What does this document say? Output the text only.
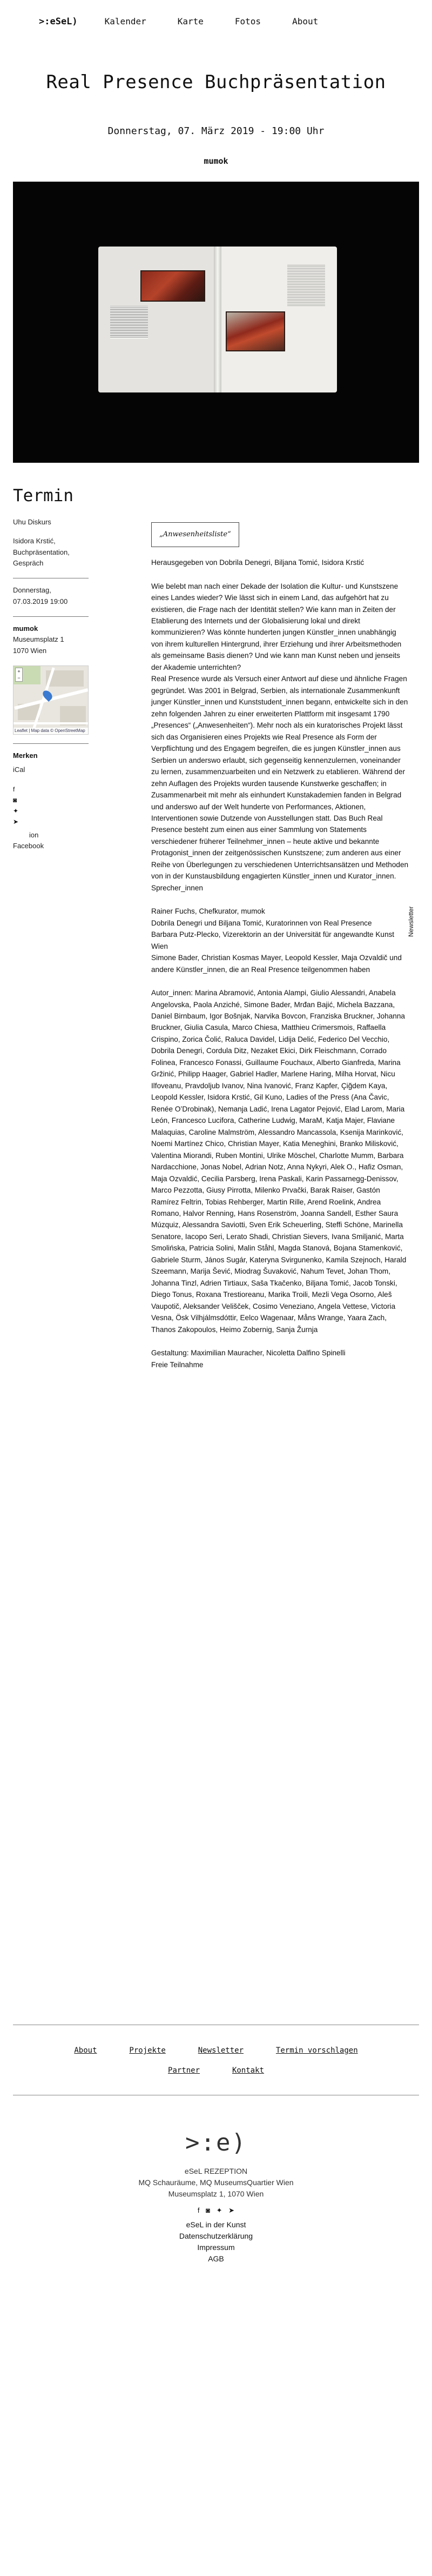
>:eSeL)	Kalender	Karte	Fotos	About
Real Presence Buchpräsentation
Donnerstag, 07. März 2019 - 19:00 Uhr
mumok
Termin
Uhu Diskurs
Isidora Krstić, Buchpräsentation, Gespräch
Donnerstag,
07.03.2019 19:00
mumok
Museumsplatz 1
1070 Wien
+
−
Leaflet | Map data © OpenStreetMap
Merken
iCal
f
◙
✦
➤
ion
Facebook
„Anwesenheitsliste“

Herausgegeben von Dobrila Denegri, Biljana Tomić, Isidora Krstić

Wie belebt man nach einer Dekade der Isolation die Kultur- und Kunstszene eines Landes wieder? Wie lässt sich in einem Land, das aufgehört hat zu existieren, die Frage nach der Identität stellen? Wie kann man in Zeiten der Etablierung des Internets und der Globalisierung lokal und direkt kommunizieren? Was könnte hunderten jungen Künstler_innen unabhängig von ihrem kulturellen Hintergrund, ihrer Erziehung und ihrer Arbeitsmethoden als gemeinsame Basis dienen? Und wie kann man Kunst neben und jenseits der Akademie unterrichten?

Real Presence wurde als Versuch einer Antwort auf diese und ähnliche Fragen gegründet. Was 2001 in Belgrad, Serbien, als internationale Zusammenkunft junger Künstler_innen und Kunststudent_innen begann, entwickelte sich in den zehn folgenden Jahren zu einer erweiterten Plattform mit insgesamt 1790 „Presences“ („Anwesenheiten“). Mehr noch als ein kuratorisches Projekt lässt sich das Organisieren eines Projekts wie Real Presence als Form der Verpflichtung und des Engagem begreifen, die es jungen Künstler_innen aus Serbien un anderswo erlaubt, sich gegenseitig kennenzulernen, voneinander zu lernen, zusammenzuarbeiten und ein Netzwerk zu etablieren. Während der zehn Auflagen des Projekts wurden tausende Kunstwerke geschaffen; in Zusammenarbeit mit mehr als einhundert Kunstakademien fanden in Belgrad und anderswo auf der Welt hunderte von Performances, Aktionen, Interventionen sowie Dutzende von Ausstellungen statt. Das Buch Real Presence besteht zum einen aus einer Sammlung von Statements verschiedener früherer Teilnehmer_innen – heute aktive und bekannte Protagonist_innen der zeitgenössischen Kunstszene; zum anderen aus einer Reihe von Überlegungen zu verschiedenen Unterrichtsansätzen und Methoden von in der Kunstausbildung engagierten Künstler_innen und Kurator_innen.

Sprecher_innen

Rainer Fuchs, Chefkurator, mumok
Dobrila Denegri und Biljana Tomić, Kuratorinnen von Real Presence
Barbara Putz-Plecko, Vizerektorin an der Universität für angewandte Kunst Wien
Simone Bader, Christian Kosmas Mayer, Leopold Kessler, Maja Ozvaldič und andere Künstler_innen, die an Real Presence teilgenommen haben

Autor_innen: Marina Abramović, Antonia Alampi, Giulio Alessandri, Anabela Angelovska, Paola Anziché, Simone Bader, Mrđan Bajić, Michela Bazzana, Daniel Birnbaum, Igor Bošnjak, Narvika Bovcon, Franziska Bruckner, Johanna Bruckner, Giulia Casula, Marco Chiesa, Matthieu Crimersmois, Raffaella Crispino, Zorica Čolić, Raluca Davidel, Lidija Delić, Federico Del Vecchio, Dobrila Denegri, Cordula Ditz, Nezaket Ekici, Dirk Fleischmann, Corrado Folinea, Francesco Fonassi, Guillaume Fouchaux, Alberto Gianfreda, Marina Gržinić, Philipp Haager, Gabriel Hadler, Marlene Haring, Milha Horvat, Nicu Ilfoveanu, Pravdoljub Ivanov, Nina Ivanović, Franz Kapfer, Çiğdem Kaya, Leopold Kessler, Isidora Krstić, Gil Kuno, Ladies of the Press (Ana Čavic, Renée O’Drobinak), Nemanja Ladić, Irena Lagator Pejović, Elad Larom, Maria León, Francesco Lucifora, Catherine Ludwig, MaraM, Katja Majer, Flaviane Malaquias, Caroline Malmström, Alessandro Mancassola, Ksenija Marinković, Noemi Martínez Chico, Christian Mayer, Katia Meneghini, Branko Milisković, Valentina Miorandi, Ruben Montini, Ulrike Möschel, Charlotte Mumm, Barbara Nardacchione, Jonas Nobel, Adrian Notz, Anna Nykyri, Alek O., Hafiz Osman, Maja Ozvaldić, Cecilia Parsberg, Irena Paskali, Karin Passarnegg-Denissov, Marco Pezzotta, Giusy Pirrotta, Milenko Prvački, Barak Raiser, Gastón Ramírez Feltrin, Tobias Rehberger, Martin Rille, Arend Roelink, Andrea Romano, Halvor Renning, Hans Rosenström, Joanna Sandell, Esther Saura Múzquiz, Alessandra Saviotti, Sven Erik Scheuerling, Steffi Schöne, Marinella Senatore, Iacopo Seri, Lerato Shadi, Christian Sievers, Ivana Smiljanić, Marta Smolińska, Patricia Solini, Malin Ståhl, Magda Stanová, Bojana Stamenković, Gabriele Sturm, János Sugár, Kateryna Svirgunenko, Kamila Szejnoch, Harald Szeemann, Marija Šević, Miodrag Šuvaković, Nahum Tevet, Johan Thom, Johanna Tinzl, Adrien Tirtiaux, Saša Tkačenko, Biljana Tomić, Jacob Tonski, Diego Tonus, Roxana Trestioreanu, Marika Troili, Mezli Vega Osorno, Aleš Vaupotič, Aleksander Velišček, Cosimo Veneziano, Angela Vettese, Victoria Vesna, Ösk Vilhjálmsdóttir, Eelco Wagenaar, Måns Wrange, Yaara Zach, Thanos Zakopoulos, Heimo Zobernig, Sanja Žurnja

Gestaltung: Maximilian Mauracher, Nicoletta Dalfino Spinelli

Freie Teilnahme

Newsletter
About	Projekte	Newsletter	Termin vorschlagen
Partner	Kontakt
>:e)
eSeL REZEPTION
MQ Schauräume, MQ MuseumsQuartier Wien
Museumsplatz 1, 1070 Wien
f ◙ ✦ ➤
eSeL in der Kunst
Datenschutzerklärung
Impressum
AGB
